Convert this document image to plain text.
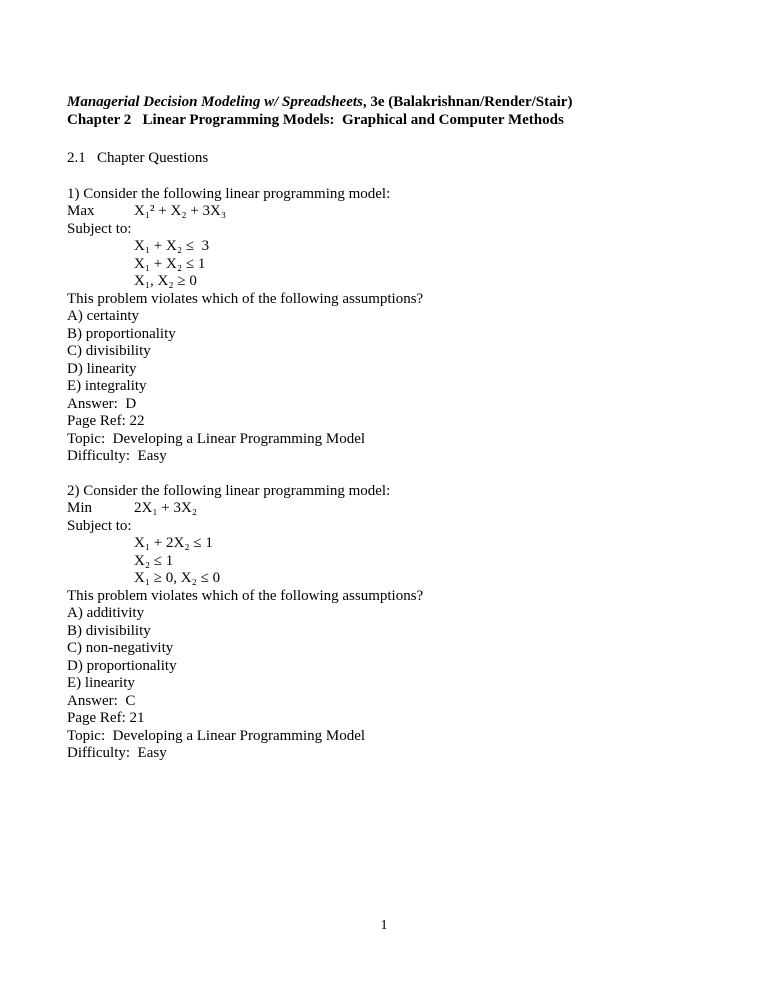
Managerial Decision Modeling w/ Spreadsheets, 3e (Balakrishnan/Render/Stair)

Chapter 2   Linear Programming Models:  Graphical and Computer Methods

2.1   Chapter Questions

1) Consider the following linear programming model:

Max	X₁² + X₂ + 3X₃

Subject to:

X₁ + X₂ ≤  3

X₁ + X₂ ≤ 1

X₁, X₂ ≥ 0

This problem violates which of the following assumptions?

A) certainty

B) proportionality

C) divisibility

D) linearity

E) integrality

Answer:  D

Page Ref: 22

Topic:  Developing a Linear Programming Model

Difficulty:  Easy

2) Consider the following linear programming model:

Min	2X₁ + 3X₂

Subject to:

X₁ + 2X₂ ≤ 1

X₂ ≤ 1

X₁ ≥ 0, X₂ ≤ 0

This problem violates which of the following assumptions?

A) additivity

B) divisibility

C) non-negativity

D) proportionality

E) linearity

Answer:  C

Page Ref: 21

Topic:  Developing a Linear Programming Model

Difficulty:  Easy

1
